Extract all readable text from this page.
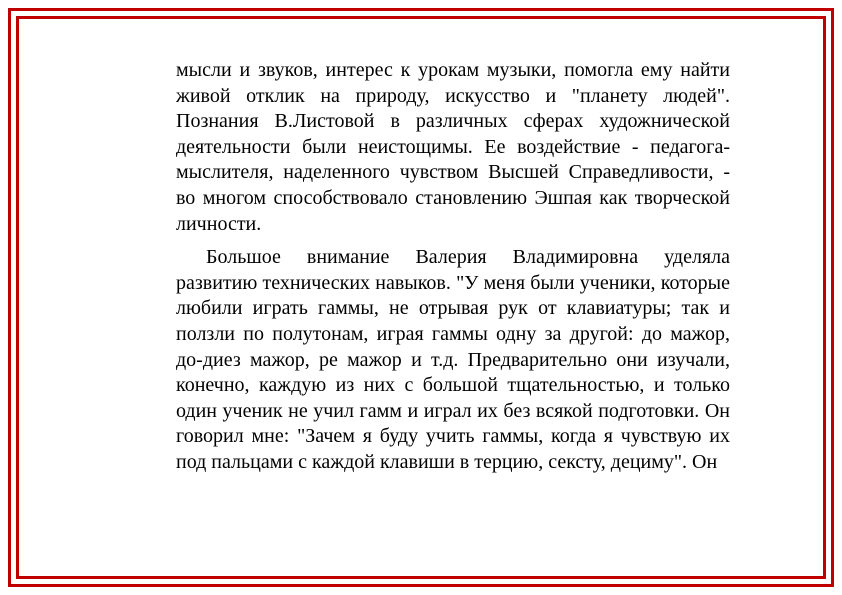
мысли и звуков, интерес к урокам музыки, помогла ему найти живой отклик на природу, искусство и "планету людей". Познания В.Листовой в различных сферах художнической деятельности были неистощимы. Ее воздействие - педагога-мыслителя, наделенного чувством Высшей Справедливости, - во многом способствовало становлению Эшпая как творческой личности.

Большое внимание Валерия Владимировна уделяла развитию технических навыков. "У меня были ученики, которые любили играть гаммы, не отрывая рук от клавиатуры; так и ползли по полутонам, играя гаммы одну за другой: до мажор, до-диез мажор, ре мажор и т.д. Предварительно они изучали, конечно, каждую из них с большой тщательностью, и только один ученик не учил гамм и играл их без всякой подготовки. Он говорил мне: "Зачем я буду учить гаммы, когда я чувствую их под пальцами с каждой клавиши в терцию, сексту, дециму". Он
